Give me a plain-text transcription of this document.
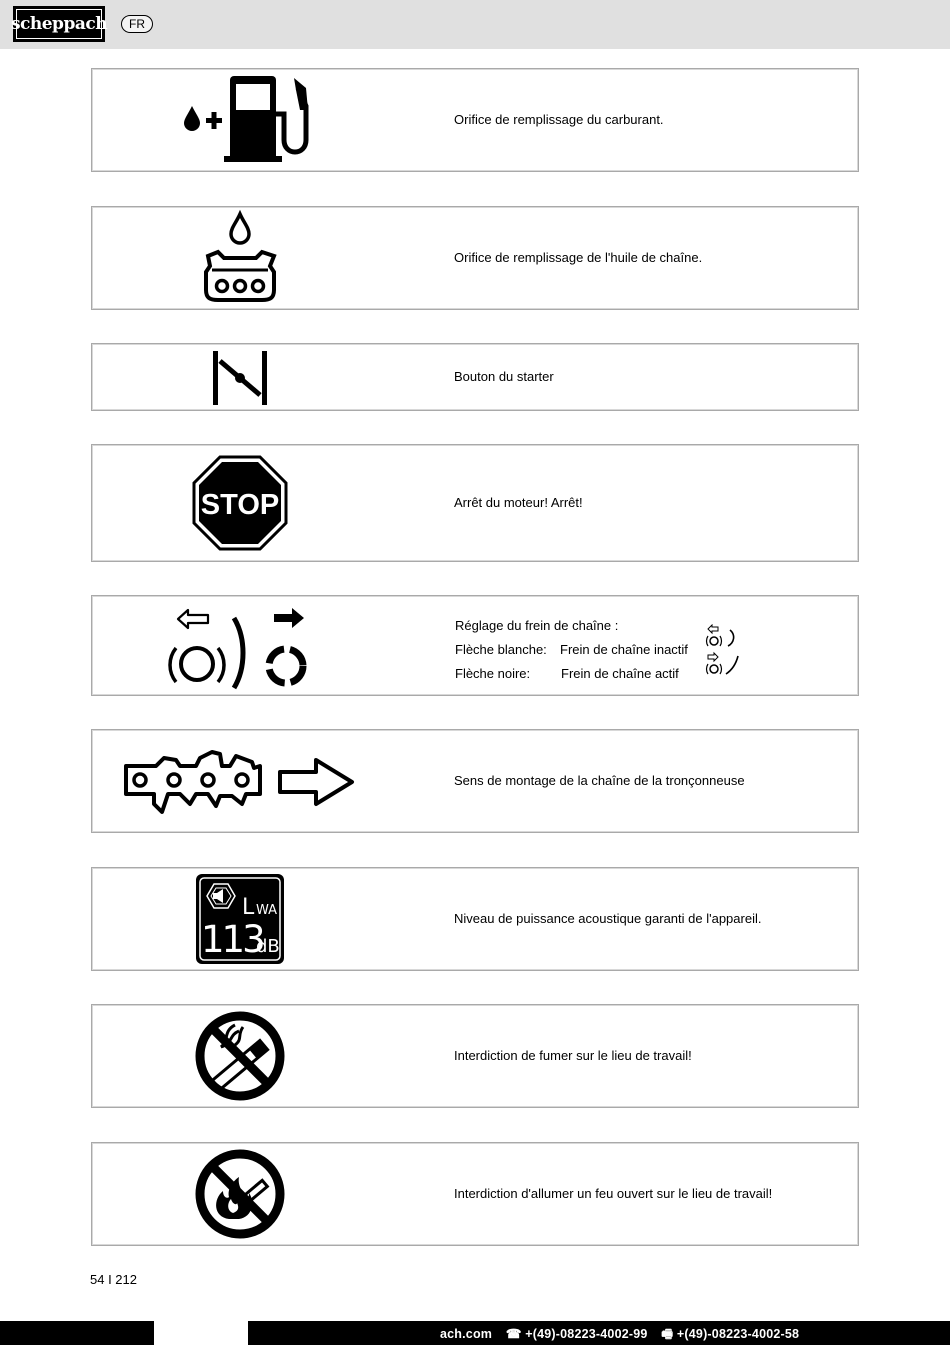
scheppach	FR
Orifice de remplissage du carburant.
Orifice de remplissage de l'huile de chaîne.
Bouton du starter
STOP	Arrêt du moteur! Arrêt!
Réglage du frein de chaîne :
Flèche blanche:	Frein de chaîne inactif
Flèche noire:	Frein de chaîne actif
Sens de montage de la chaîne de la tronçonneuse
L WA
113
dB
Niveau de puissance acoustique garanti de l'appareil.
Interdiction de fumer sur le lieu de travail!
Interdiction d'allumer un feu ouvert sur le lieu de travail!
54 I 212
ach.com ☎ +(49)-08223-4002-99 🖷 +(49)-08223-4002-58
